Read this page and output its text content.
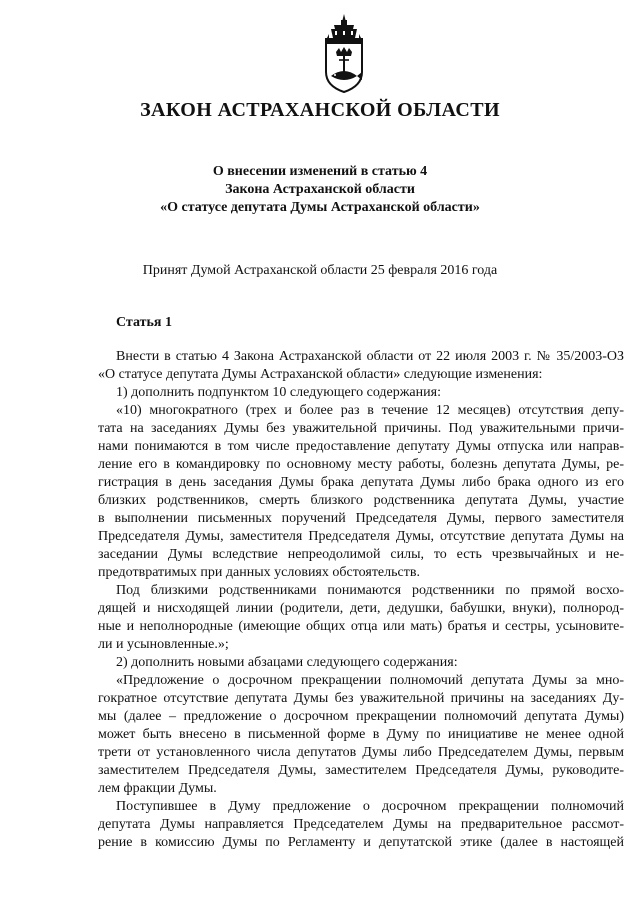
ЗАКОН АСТРАХАНСКОЙ ОБЛАСТИ
О внесении изменений в статью 4
Закона Астраханской области
«О статусе депутата Думы Астраханской области»
Принят Думой Астраханской области 25 февраля 2016 года
Статья 1
Внести в статью 4 Закона Астраханской области от 22 июля 2003 г. № 35/2003-ОЗ
«О статусе депутата Думы Астраханской области» следующие изменения:
1) дополнить подпунктом 10 следующего содержания:
«10) многократного (трех и более раз в течение 12 месяцев) отсутствия депу-
тата на заседаниях Думы без уважительной причины. Под уважительными причи-
нами понимаются в том числе предоставление депутату Думы отпуска или направ-
ление его в командировку по основному месту работы, болезнь депутата Думы, ре-
гистрация в день заседания Думы брака депутата Думы либо брака одного из его
близких родственников, смерть близкого родственника депутата Думы, участие
в выполнении письменных поручений Председателя Думы, первого заместителя
Председателя Думы, заместителя Председателя Думы, отсутствие депутата Думы на
заседании Думы вследствие непреодолимой силы, то есть чрезвычайных и не-
предотвратимых при данных условиях обстоятельств.
Под близкими родственниками понимаются родственники по прямой восхо-
дящей и нисходящей линии (родители, дети, дедушки, бабушки, внуки), полнород-
ные и неполнородные (имеющие общих отца или мать) братья и сестры, усыновите-
ли и усыновленные.»;
2) дополнить новыми абзацами следующего содержания:
«Предложение о досрочном прекращении полномочий депутата Думы за мно-
гократное отсутствие депутата Думы без уважительной причины на заседаниях Ду-
мы (далее – предложение о досрочном прекращении полномочий депутата Думы)
может быть внесено в письменной форме в Думу по инициативе не менее одной
трети от установленного числа депутатов Думы либо Председателем Думы, первым
заместителем Председателя Думы, заместителем Председателя Думы, руководите-
лем фракции Думы.
Поступившее в Думу предложение о досрочном прекращении полномочий
депутата Думы направляется Председателем Думы на предварительное рассмот-
рение в комиссию Думы по Регламенту и депутатской этике (далее в настоящей
